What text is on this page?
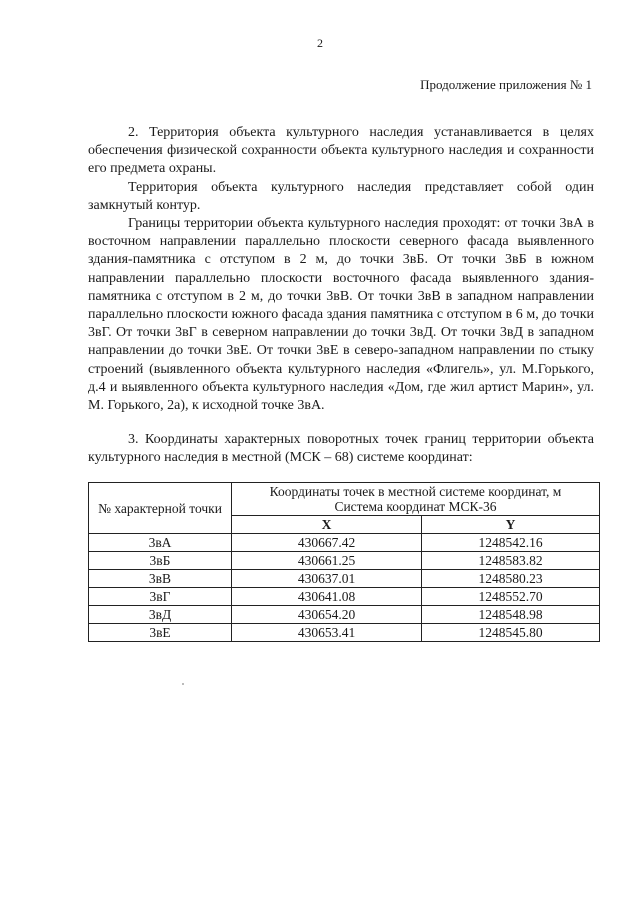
2
Продолжение приложения № 1

2. Территория объекта культурного наследия устанавливается в целях обеспечения физической сохранности объекта культурного наследия и сохранности его предмета охраны.

Территория объекта культурного наследия представляет собой один замкнутый контур.

Границы территории объекта культурного наследия проходят: от точки 3вА в восточном направлении параллельно плоскости северного фасада выявленного здания-памятника с отступом в 2 м, до точки 3вБ. От точки 3вБ в южном направлении параллельно плоскости восточного фасада выявленного здания-памятника с отступом в 2 м, до точки 3вВ. От точки 3вВ в западном направлении параллельно плоскости южного фасада здания памятника с отступом в 6 м, до точки 3вГ. От точки 3вГ в северном направлении до точки 3вД. От точки 3вД в западном направлении до точки 3вЕ. От точки 3вЕ в северо-западном направлении по стыку строений (выявленного объекта культурного наследия «Флигель», ул. М.Горького, д.4 и выявленного объекта культурного наследия «Дом, где жил артист Марин», ул. М. Горького, 2а), к исходной точке 3вА.

3. Координаты характерных поворотных точек границ территории объекта культурного наследия в местной (МСК – 68) системе координат:

№ характерной точки	Координаты точек в местной системе координат, м
Система координат МСК-36	

	X	Y
3вА	430667.42	1248542.16
3вБ	430661.25	1248583.82
3вВ	430637.01	1248580.23
3вГ	430641.08	1248552.70
3вД	430654.20	1248548.98
3вЕ	430653.41	1248545.80
